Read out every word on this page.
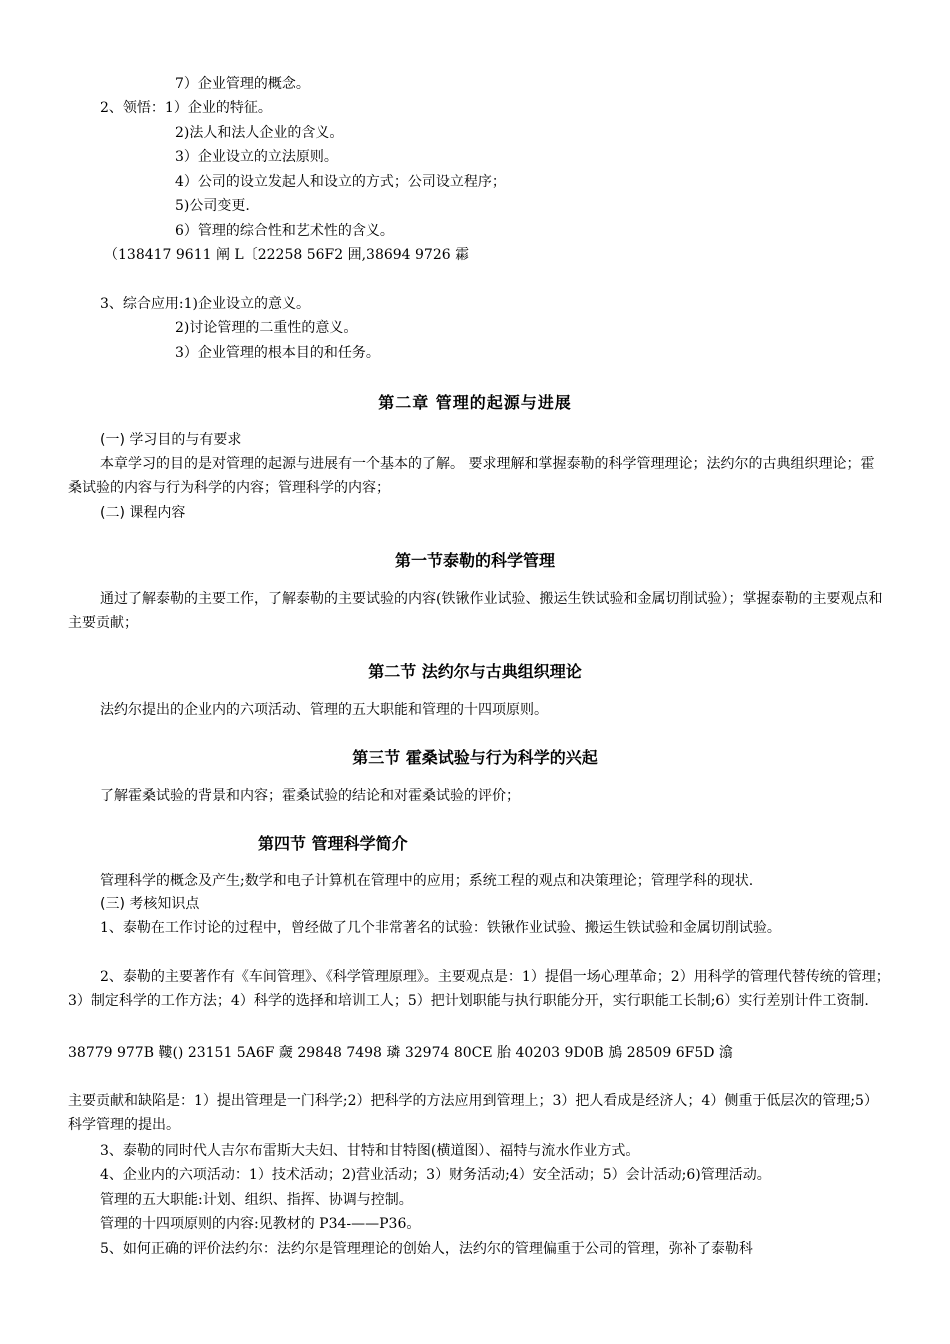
7）企业管理的概念。
2、领悟：1）企业的特征。
2)法人和法人企业的含义。
3）企业设立的立法原则。
4）公司的设立发起人和设立的方式；公司设立程序；
5)公司变更.
6）管理的综合性和艺术性的含义。
（138417 9611 阐 L〔22258 56F2 囲,38694 9726 霦
3、综合应用:1)企业设立的意义。
2)讨论管理的二重性的意义。
3）企业管理的根本目的和任务。
第二章 管理的起源与进展
(一) 学习目的与有要求
本章学习的目的是对管理的起源与进展有一个基本的了解。 要求理解和掌握泰勒的科学管理理论；法约尔的古典组织理论；霍桑试验的内容与行为科学的内容；管理科学的内容；
(二) 课程内容
第一节泰勒的科学管理
通过了解泰勒的主要工作，了解泰勒的主要试验的内容(铁锹作业试验、搬运生铁试验和金属切削试验）；掌握泰勒的主要观点和主要贡献；
第二节 法约尔与古典组织理论
法约尔提出的企业内的六项活动、管理的五大职能和管理的十四项原则。
第三节 霍桑试验与行为科学的兴起
了解霍桑试验的背景和内容；霍桑试验的结论和对霍桑试验的评价；
第四节 管理科学简介
管理科学的概念及产生;数学和电子计算机在管理中的应用；系统工程的观点和决策理论；管理学科的现状.
(三) 考核知识点
1、泰勒在工作讨论的过程中，曾经做了几个非常著名的试验：铁锹作业试验、搬运生铁试验和金属切削试验。
2、泰勒的主要著作有《车间管理》、《科学管理原理》。主要观点是：1）提倡一场心理革命；2）用科学的管理代替传统的管理；3）制定科学的工作方法；4）科学的选择和培训工人；5）把计划职能与执行职能分开，实行职能工长制;6）实行差别计件工资制.
38779 977B 鞻() 23151 5A6F 奯 29848 7498 璘 32974 80CE 胎 40203 9D0B 鴋 28509 6F5D 潝
主要贡献和缺陷是：1）提出管理是一门科学;2）把科学的方法应用到管理上；3）把人看成是经济人；4）侧重于低层次的管理;5）科学管理的提出。
3、泰勒的同时代人吉尔布雷斯大夫妇、甘特和甘特图(横道图）、福特与流水作业方式。
4、企业内的六项活动：1）技术活动；2)营业活动；3）财务活动;4）安全活动；5）会计活动;6)管理活动。
管理的五大职能:计划、组织、指挥、协调与控制。
管理的十四项原则的内容:见教材的 P34-——P36。
5、如何正确的评价法约尔：法约尔是管理理论的创始人，法约尔的管理偏重于公司的管理，弥补了泰勒科
